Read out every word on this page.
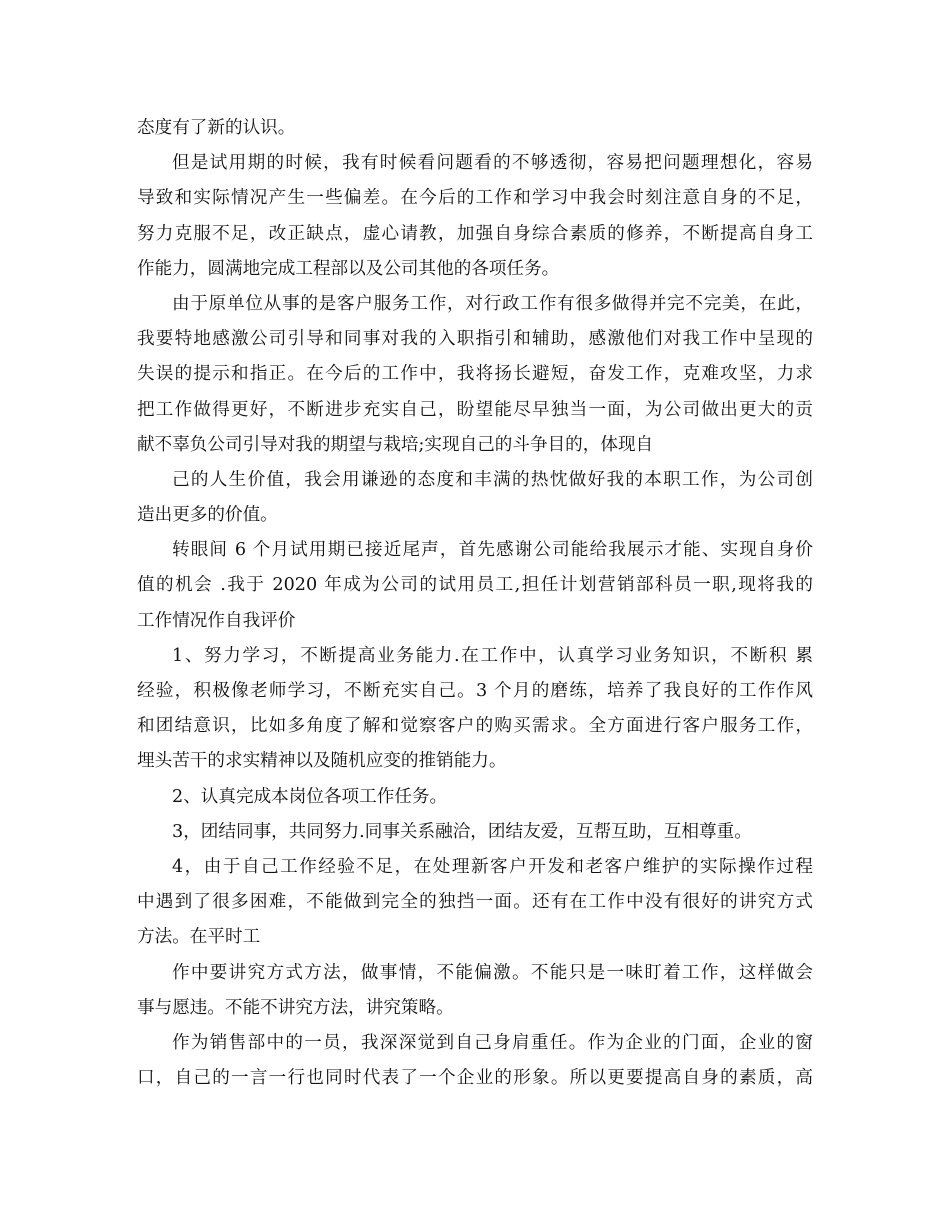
态度有了新的认识。
但是试用期的时候，我有时候看问题看的不够透彻，容易把问题理想化，容易
导致和实际情况产生一些偏差。在今后的工作和学习中我会时刻注意自身的不足，
努力克服不足，改正缺点，虚心请教，加强自身综合素质的修养，不断提高自身工
作能力，圆满地完成工程部以及公司其他的各项任务。
由于原单位从事的是客户服务工作，对行政工作有很多做得并完不完美，在此，
我要特地感激公司引导和同事对我的入职指引和辅助，感激他们对我工作中呈现的
失误的提示和指正。在今后的工作中，我将扬长避短，奋发工作，克难攻坚，力求
把工作做得更好，不断进步充实自己，盼望能尽早独当一面，为公司做出更大的贡
献不辜负公司引导对我的期望与栽培;实现自己的斗争目的，体现自
己的人生价值，我会用谦逊的态度和丰满的热忱做好我的本职工作，为公司创
造出更多的价值。
转眼间 6 个月试用期已接近尾声，首先感谢公司能给我展示才能、实现自身价
值的机会 .我于 2020 年成为公司的试用员工,担任计划营销部科员一职,现将我的
工作情况作自我评价
1、努力学习，不断提高业务能力.在工作中，认真学习业务知识，不断积 累
经验，积极像老师学习，不断充实自己。3 个月的磨练，培养了我良好的工作作风
和团结意识，比如多角度了解和觉察客户的购买需求。全方面进行客户服务工作，
埋头苦干的求实精神以及随机应变的推销能力。
2、认真完成本岗位各项工作任务。
3，团结同事，共同努力.同事关系融洽，团结友爱，互帮互助，互相尊重。
4，由于自己工作经验不足，在处理新客户开发和老客户维护的实际操作过程
中遇到了很多困难，不能做到完全的独挡一面。还有在工作中没有很好的讲究方式
方法。在平时工
作中要讲究方式方法，做事情，不能偏激。不能只是一味盯着工作，这样做会
事与愿违。不能不讲究方法，讲究策略。
作为销售部中的一员，我深深觉到自己身肩重任。作为企业的门面，企业的窗
口，自己的一言一行也同时代表了一个企业的形象。所以更要提高自身的素质，高
